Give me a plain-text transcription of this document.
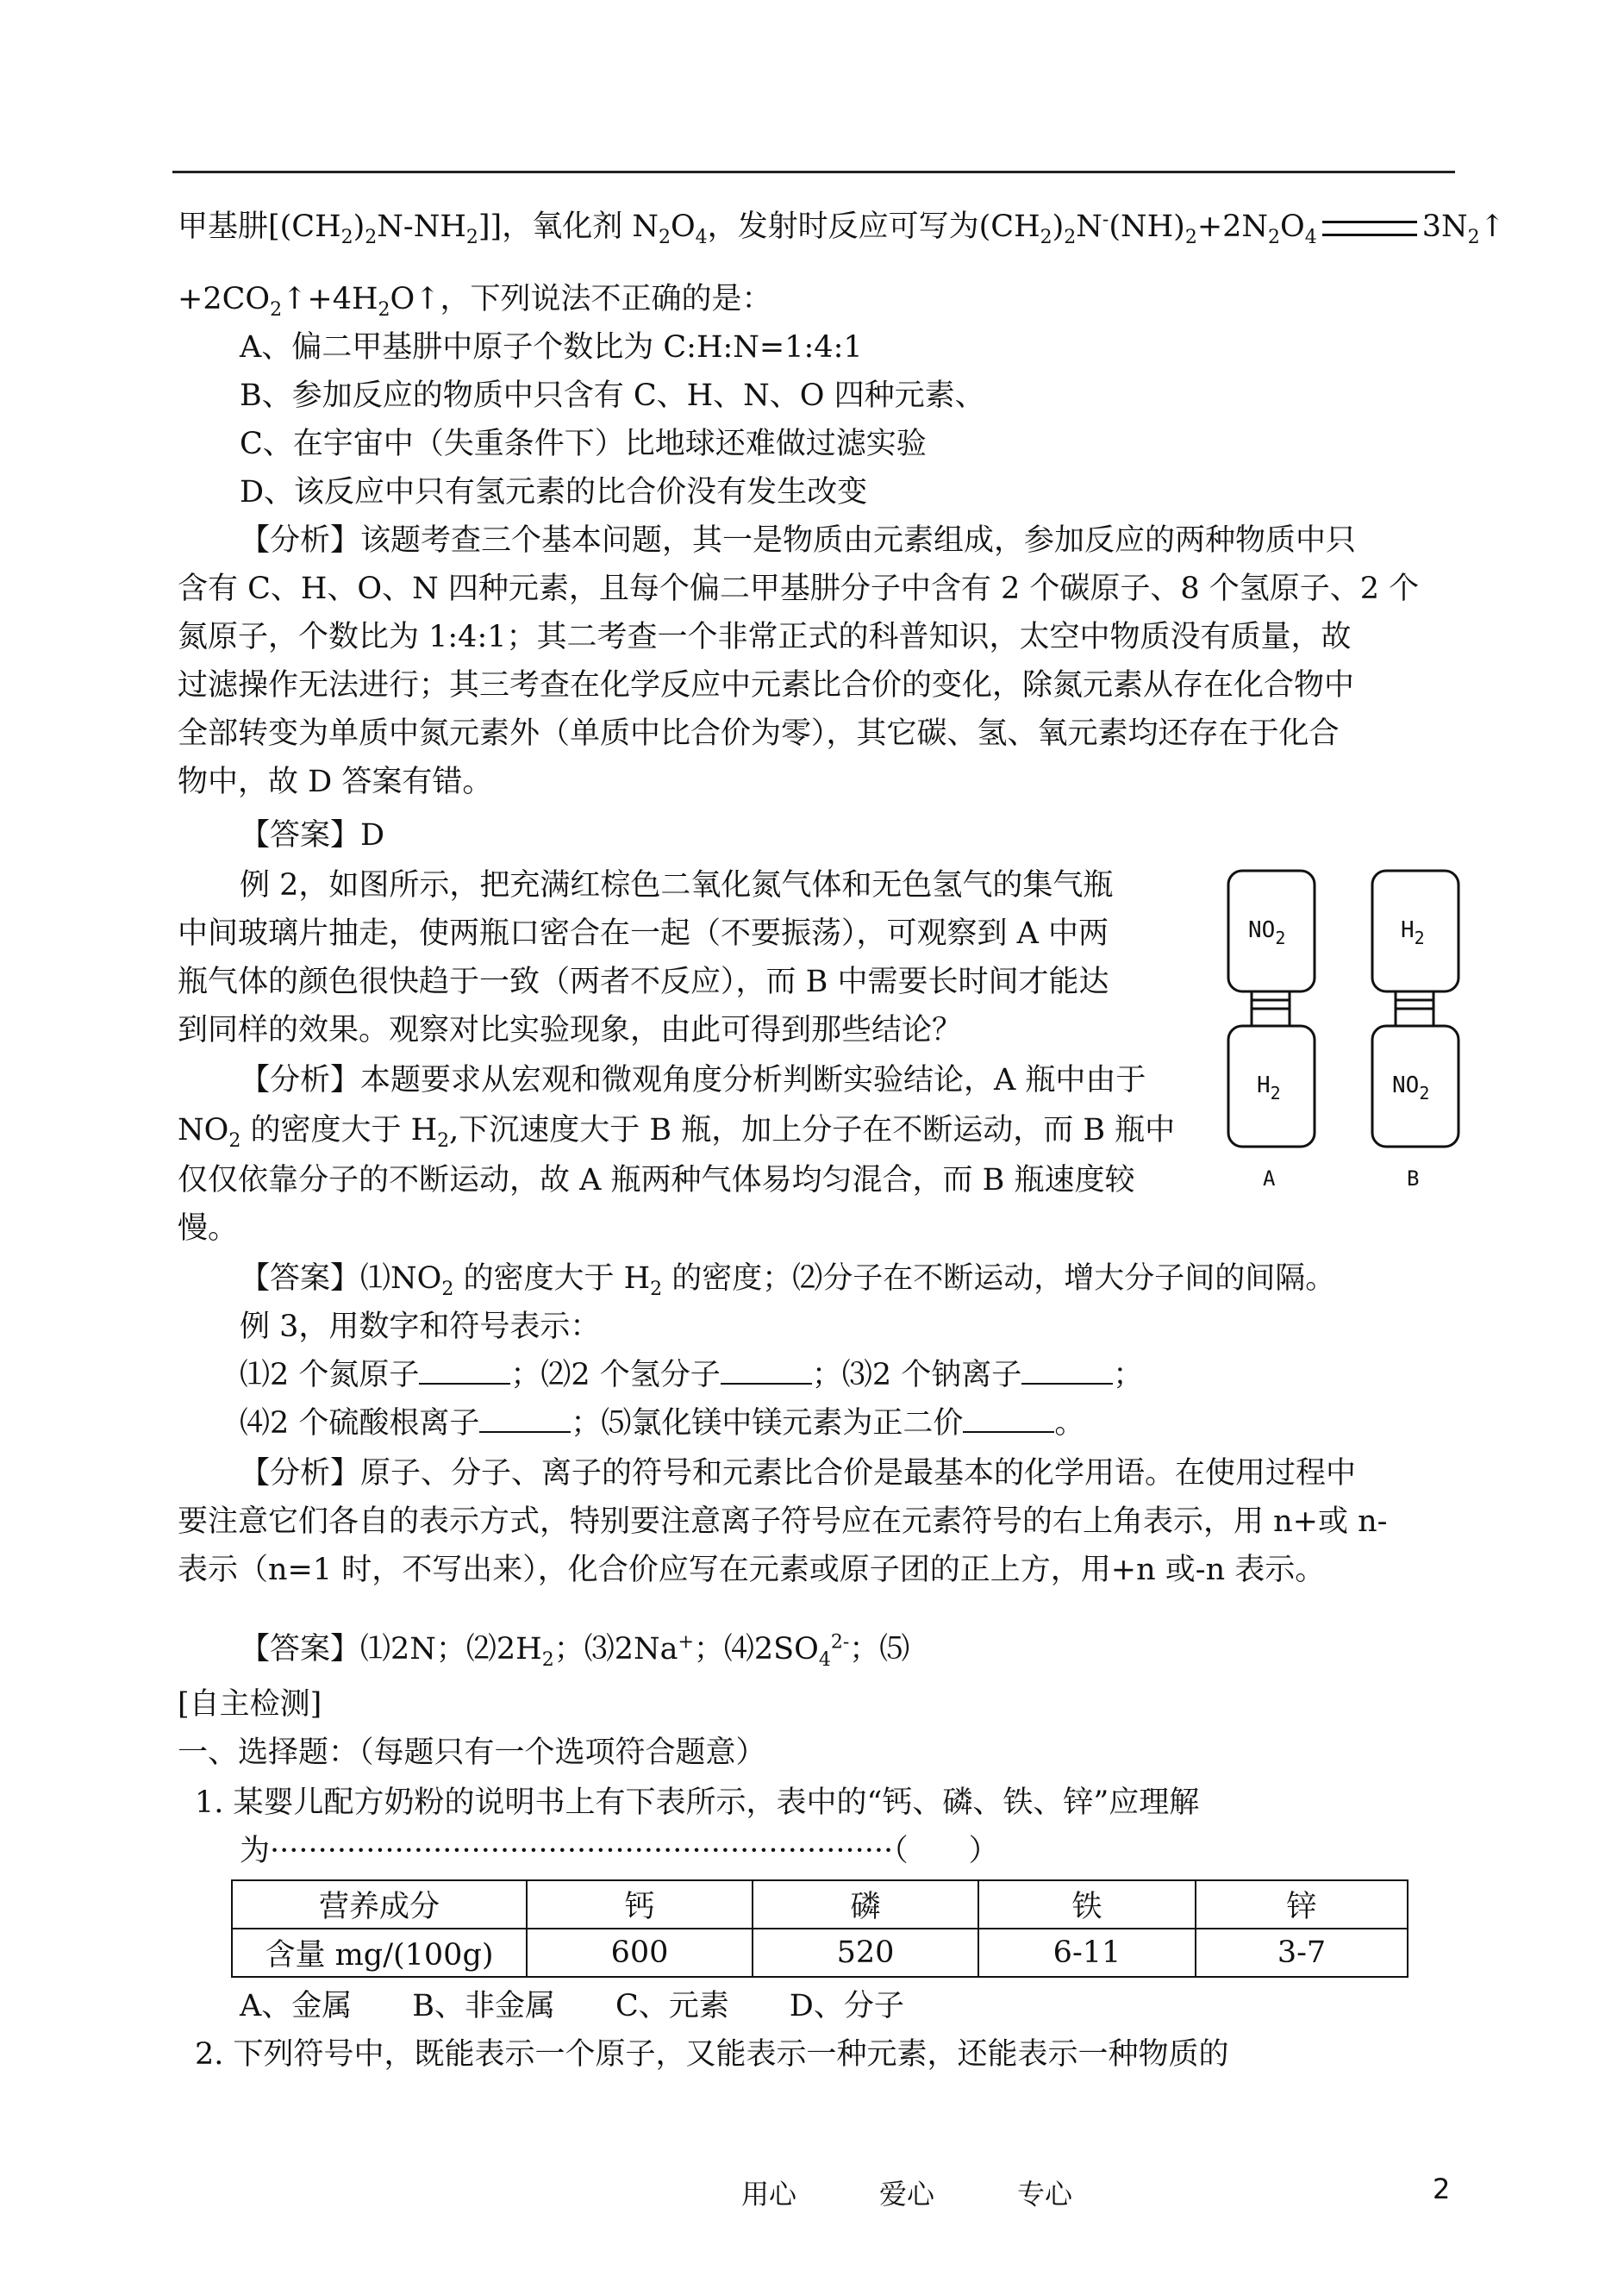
甲基肼$[(CH_2)_2N-NH_2]$]，氧化剂 $N_2O_4$，发射时反应可写为$(CH_2)_2N^-(NH)_2+2N_2O_4$	$3N_2↑$
$+2CO_2↑+4H_2O↑$，下列说法不正确的是：
A、偏二甲基肼中原子个数比为 C:H:N=1:4:1
B、参加反应的物质中只含有 C、H、N、O 四种元素、
C、在宇宙中（失重条件下）比地球还难做过滤实验
D、该反应中只有氢元素的比合价没有发生改变
【分析】该题考查三个基本问题，其一是物质由元素组成，参加反应的两种物质中只
含有 C、H、O、N 四种元素，且每个偏二甲基肼分子中含有 2 个碳原子、8 个氢原子、2 个
氮原子，个数比为 1:4:1；其二考查一个非常正式的科普知识，太空中物质没有质量，故
过滤操作无法进行；其三考查在化学反应中元素比合价的变化，除氮元素从存在化合物中
全部转变为单质中氮元素外（单质中比合价为零），其它碳、氢、氧元素均还存在于化合
物中，故 D 答案有错。
【答案】D
例 2，如图所示，把充满红棕色二氧化氮气体和无色氢气的集气瓶
中间玻璃片抽走，使两瓶口密合在一起（不要振荡），可观察到 A 中两
瓶气体的颜色很快趋于一致（两者不反应），而 B 中需要长时间才能达
到同样的效果。观察对比实验现象，由此可得到那些结论？
【分析】本题要求从宏观和微观角度分析判断实验结论，A 瓶中由于
$NO_2$ 的密度大于 $H_2$,下沉速度大于 B 瓶，加上分子在不断运动，而 B 瓶中
仅仅依靠分子的不断运动，故 A 瓶两种气体易均匀混合，而 B 瓶速度较
慢。
$NO_2$
$H_2$
$H_2$
$NO_2$
A	B
【答案】$⑴NO_2$ 的密度大于 $H_2$ 的密度；⑵分子在不断运动，增大分子间的间隔。
例 3，用数字和符号表示：
⑴2 个氮原子	；⑵2 个氢分子	；⑶2 个钠离子	；
⑷2 个硫酸根离子	；⑸氯化镁中镁元素为正二价	。
【分析】原子、分子、离子的符号和元素比合价是最基本的化学用语。在使用过程中
要注意它们各自的表示方式，特别要注意离子符号应在元素符号的右上角表示，用 n+或 n-
表示（n=1 时，不写出来），化合价应写在元素或原子团的正上方，用+n 或-n 表示。
【答案】⑴2N；$⑵2H_2$；⑶2Na+；$⑷2SO_4^{2-}$；⑸
[自主检测]
一、选择题：（每题只有一个选项符合题意）
1. 某婴儿配方奶粉的说明书上有下表所示，表中的“钙、磷、铁、锌”应理解
为·································································（　　）
营养成分	钙	磷	铁	锌
含量 mg/(100g)	600	520	6-11	3-7
A、金属　　B、非金属　　C、元素　　D、分子
2. 下列符号中，既能表示一个原子，又能表示一种元素，还能表示一种物质的
用心　　　爱心　　　专心	2
